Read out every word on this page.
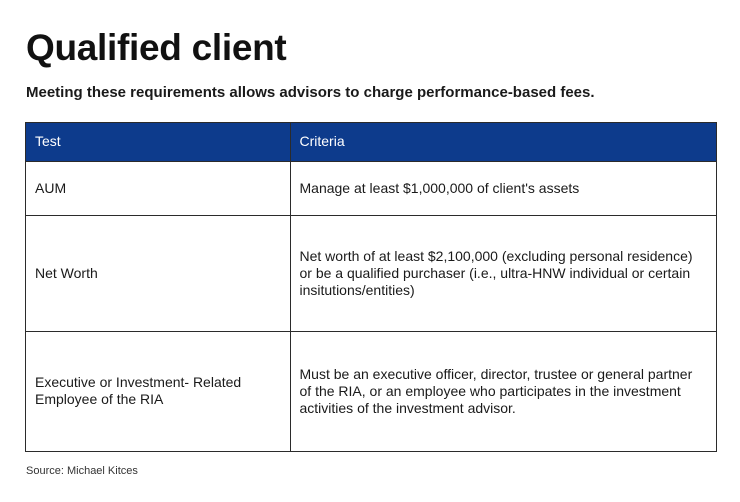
Qualified client

Meeting these requirements allows advisors to charge performance-based fees.

Test	Criteria
AUM	Manage at least $1,000,000 of client's assets
Net Worth	Net worth of at least $2,100,000 (excluding personal residence) or be a qualified purchaser (i.e., ultra-HNW individual or certain insitutions/entities)
Executive or Investment- Related Employee of the RIA	Must be an executive officer, director, trustee or general partner of the RIA, or an employee who participates in the investment activities of the investment advisor.

Source: Michael Kitces
